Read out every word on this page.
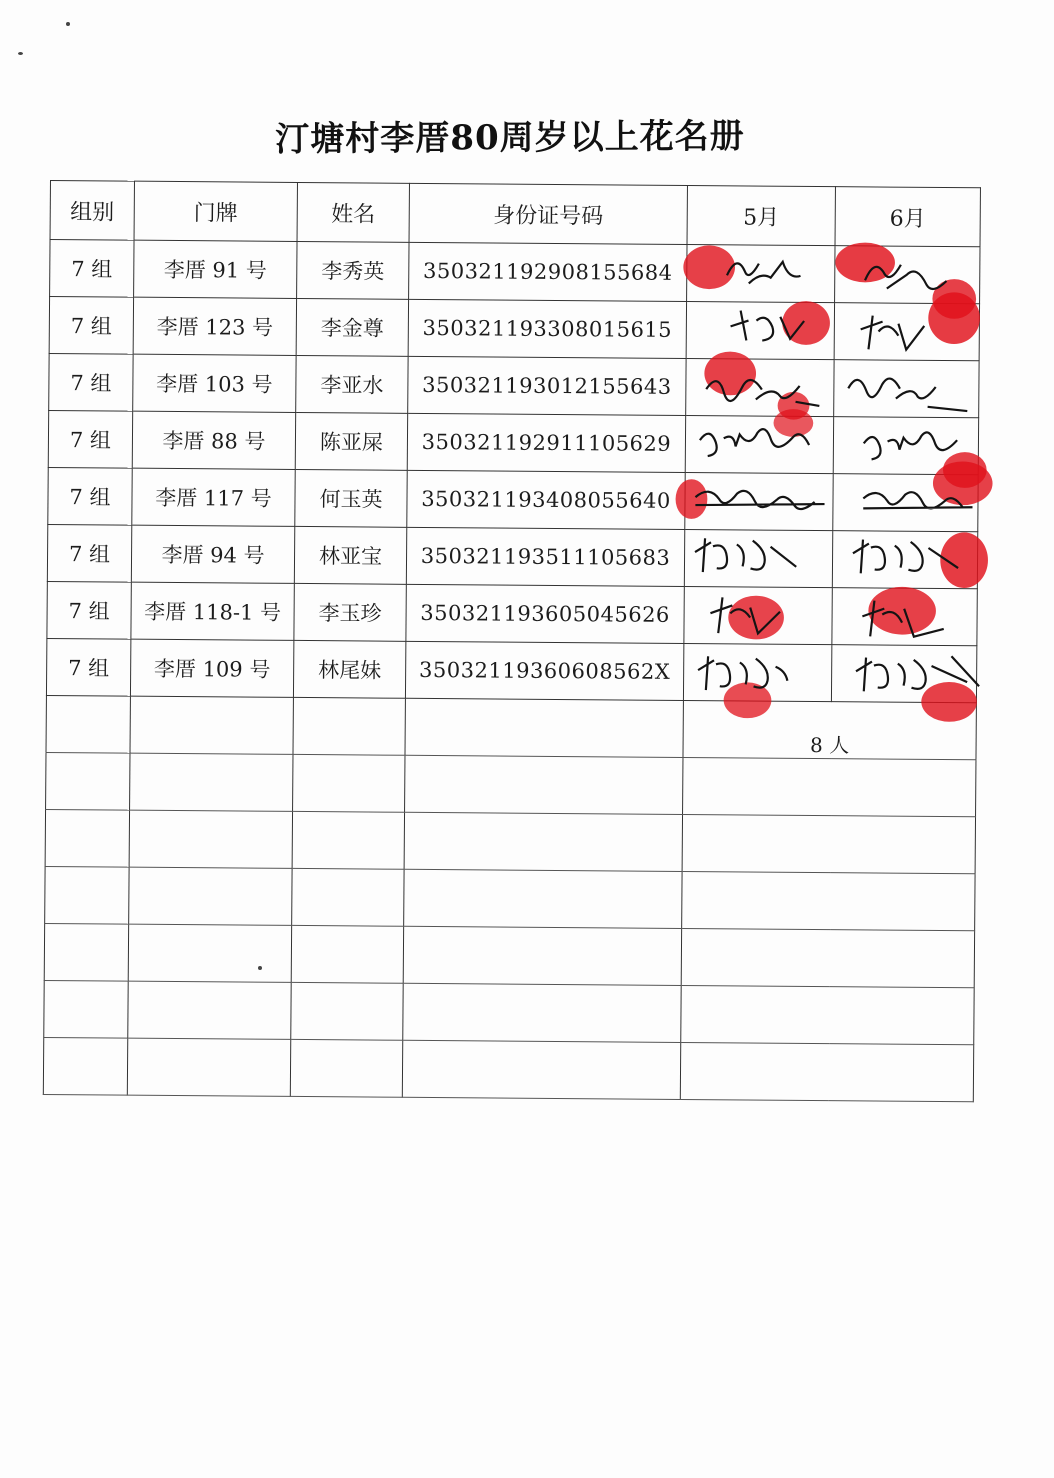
汀塘村李厝80周岁以上花名册
组别	门牌	姓名	身份证号码	5月	6月
7 组	李厝 91 号	李秀英	350321192908155684	

7 组	李厝 123 号	李金尊	350321193308015615	

7 组	李厝 103 号	李亚水	350321193012155643	

7 组	李厝 88 号	陈亚屎	350321192911105629	

7 组	李厝 117 号	何玉英	350321193408055640	

7 组	李厝 94 号	林亚宝	350321193511105683	

7 组	李厝 118-1 号	李玉珍	350321193605045626	

7 组	李厝 109 号	林尾妹	35032119360608562X	

				8 人	
